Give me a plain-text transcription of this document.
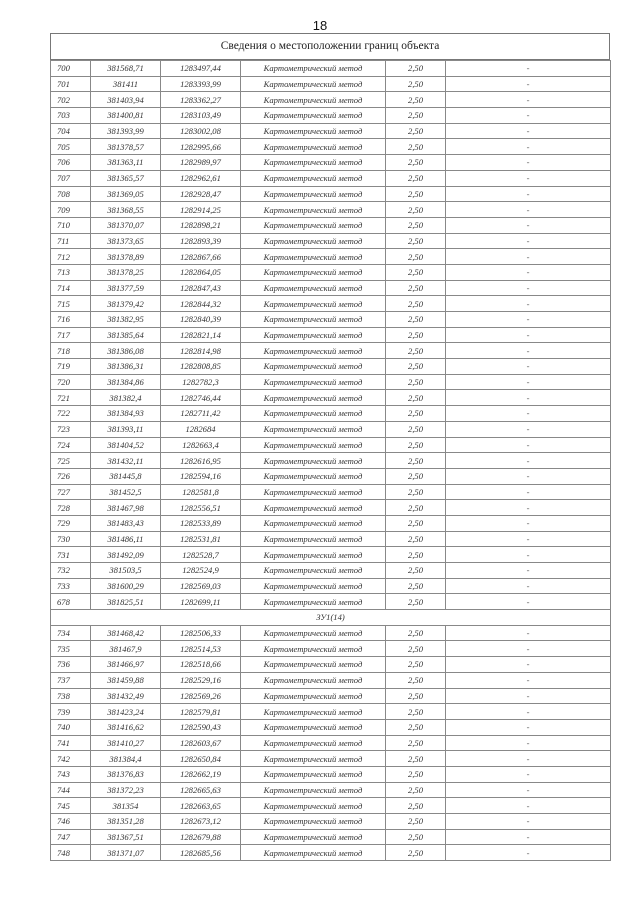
18
Сведения о местоположении границ объекта
700	381568,71	1283497,44	Картометрический метод	2,50	-
701	381411	1283393,99	Картометрический метод	2,50	-
702	381403,94	1283362,27	Картометрический метод	2,50	-
703	381400,81	1283103,49	Картометрический метод	2,50	-
704	381393,99	1283002,08	Картометрический метод	2,50	-
705	381378,57	1282995,66	Картометрический метод	2,50	-
706	381363,11	1282989,97	Картометрический метод	2,50	-
707	381365,57	1282962,61	Картометрический метод	2,50	-
708	381369,05	1282928,47	Картометрический метод	2,50	-
709	381368,55	1282914,25	Картометрический метод	2,50	-
710	381370,07	1282898,21	Картометрический метод	2,50	-
711	381373,65	1282893,39	Картометрический метод	2,50	-
712	381378,89	1282867,66	Картометрический метод	2,50	-
713	381378,25	1282864,05	Картометрический метод	2,50	-
714	381377,59	1282847,43	Картометрический метод	2,50	-
715	381379,42	1282844,32	Картометрический метод	2,50	-
716	381382,95	1282840,39	Картометрический метод	2,50	-
717	381385,64	1282821,14	Картометрический метод	2,50	-
718	381386,08	1282814,98	Картометрический метод	2,50	-
719	381386,31	1282808,85	Картометрический метод	2,50	-
720	381384,86	1282782,3	Картометрический метод	2,50	-
721	381382,4	1282746,44	Картометрический метод	2,50	-
722	381384,93	1282711,42	Картометрический метод	2,50	-
723	381393,11	1282684	Картометрический метод	2,50	-
724	381404,52	1282663,4	Картометрический метод	2,50	-
725	381432,11	1282616,95	Картометрический метод	2,50	-
726	381445,8	1282594,16	Картометрический метод	2,50	-
727	381452,5	1282581,8	Картометрический метод	2,50	-
728	381467,98	1282556,51	Картометрический метод	2,50	-
729	381483,43	1282533,89	Картометрический метод	2,50	-
730	381486,11	1282531,81	Картометрический метод	2,50	-
731	381492,09	1282528,7	Картометрический метод	2,50	-
732	381503,5	1282524,9	Картометрический метод	2,50	-
733	381600,29	1282569,03	Картометрический метод	2,50	-
678	381825,51	1282699,11	Картометрический метод	2,50	-
ЗУ1(14)					
734	381468,42	1282506,33	Картометрический метод	2,50	-
735	381467,9	1282514,53	Картометрический метод	2,50	-
736	381466,97	1282518,66	Картометрический метод	2,50	-
737	381459,88	1282529,16	Картометрический метод	2,50	-
738	381432,49	1282569,26	Картометрический метод	2,50	-
739	381423,24	1282579,81	Картометрический метод	2,50	-
740	381416,62	1282590,43	Картометрический метод	2,50	-
741	381410,27	1282603,67	Картометрический метод	2,50	-
742	381384,4	1282650,84	Картометрический метод	2,50	-
743	381376,83	1282662,19	Картометрический метод	2,50	-
744	381372,23	1282665,63	Картометрический метод	2,50	-
745	381354	1282663,65	Картометрический метод	2,50	-
746	381351,28	1282673,12	Картометрический метод	2,50	-
747	381367,51	1282679,88	Картометрический метод	2,50	-
748	381371,07	1282685,56	Картометрический метод	2,50	-
